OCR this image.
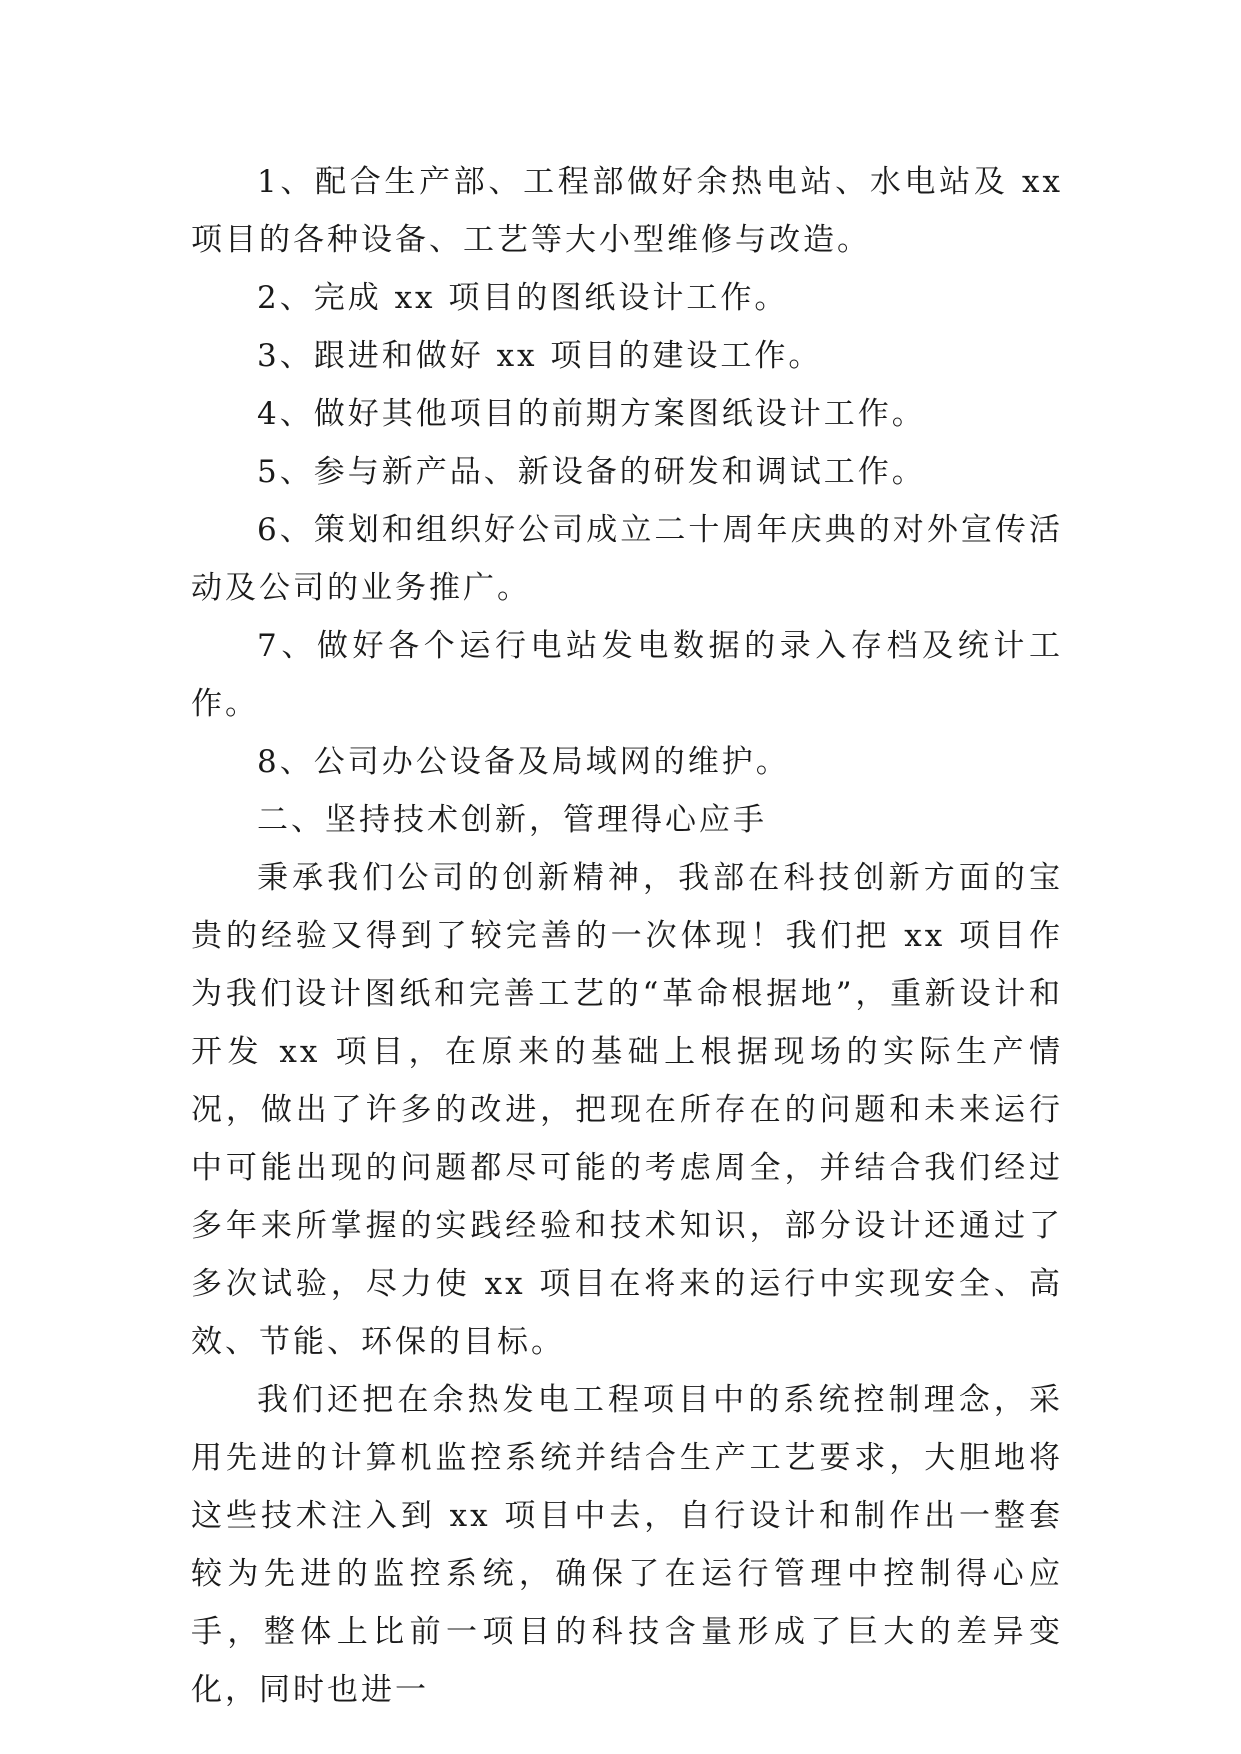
1、配合生产部、工程部做好余热电站、水电站及 xx 项目的各种设备、工艺等大小型维修与改造。

2、完成 xx 项目的图纸设计工作。

3、跟进和做好 xx 项目的建设工作。

4、做好其他项目的前期方案图纸设计工作。

5、参与新产品、新设备的研发和调试工作。

6、策划和组织好公司成立二十周年庆典的对外宣传活动及公司的业务推广。

7、做好各个运行电站发电数据的录入存档及统计工作。

8、公司办公设备及局域网的维护。

二、坚持技术创新，管理得心应手

秉承我们公司的创新精神，我部在科技创新方面的宝贵的经验又得到了较完善的一次体现！我们把 xx 项目作为我们设计图纸和完善工艺的“革命根据地”，重新设计和开发 xx 项目，在原来的基础上根据现场的实际生产情况，做出了许多的改进，把现在所存在的问题和未来运行中可能出现的问题都尽可能的考虑周全，并结合我们经过多年来所掌握的实践经验和技术知识，部分设计还通过了多次试验，尽力使 xx 项目在将来的运行中实现安全、高效、节能、环保的目标。

我们还把在余热发电工程项目中的系统控制理念，采用先进的计算机监控系统并结合生产工艺要求，大胆地将这些技术注入到 xx 项目中去，自行设计和制作出一整套较为先进的监控系统，确保了在运行管理中控制得心应手，整体上比前一项目的科技含量形成了巨大的差异变化，同时也进一
